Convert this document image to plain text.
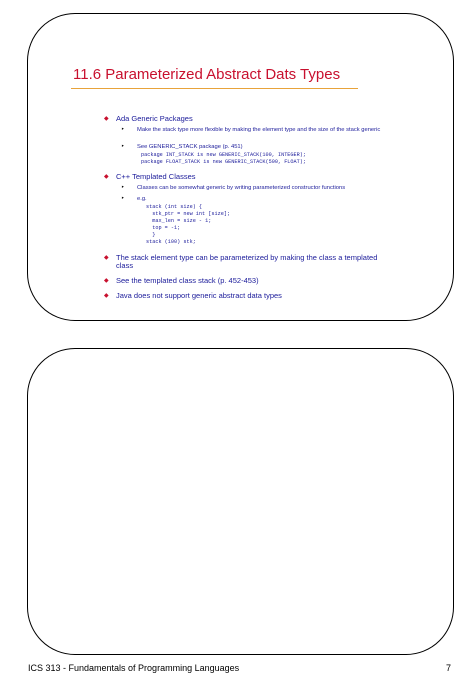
11.6 Parameterized Abstract Dats Types
◆ Ada Generic Packages
‣ Make the stack type more flexible by making the element type and the size of the stack generic
‣ See GENERIC_STACK package (p. 451)
package INT_STACK is new GENERIC_STACK(100, INTEGER);
package FLOAT_STACK is new GENERIC_STACK(500, FLOAT);
◆ C++ Templated Classes
‣ Classes can be somewhat generic by writing parameterized constructor functions
‣ e.g.
stack (int size) {
stk_ptr = new int [size];
max_len = size - 1;
top = -1;
}
stack (100) stk;
◆ The stack element type can be parameterized by making the class a templated class
◆ See the templated class stack (p. 452-453)
◆ Java does not support generic abstract data types
ICS 313 - Fundamentals of Programming Languages	7
